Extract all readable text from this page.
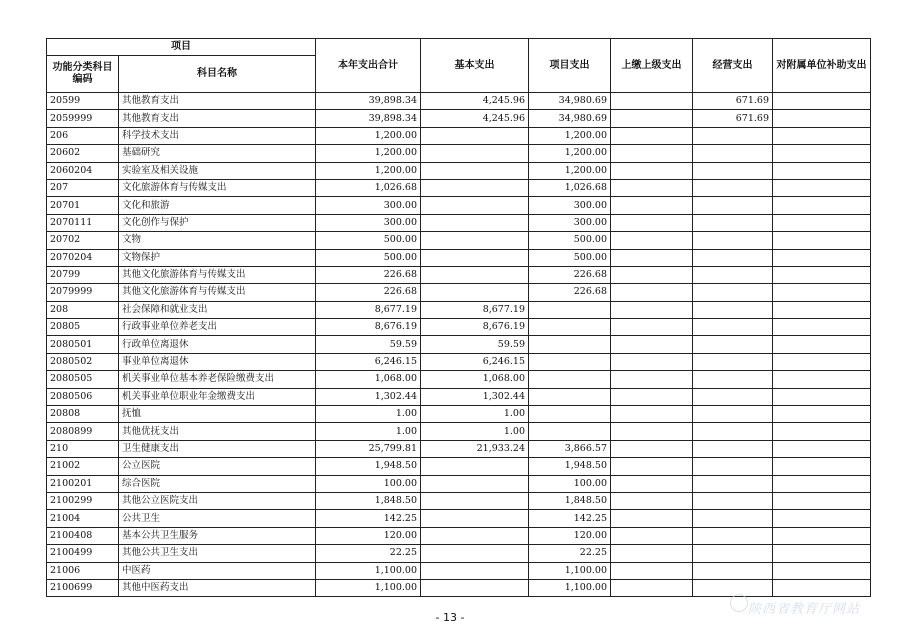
项目		本年支出合计	基本支出	项目支出	上缴上级支出	经营支出	对附属单位补助支出
功能分类科目编码	科目名称						
20599	其他教育支出	39,898.34	4,245.96	34,980.69		671.69	
2059999	其他教育支出	39,898.34	4,245.96	34,980.69		671.69	
206	科学技术支出	1,200.00		1,200.00			
20602	基础研究	1,200.00		1,200.00			
2060204	实验室及相关设施	1,200.00		1,200.00			
207	文化旅游体育与传媒支出	1,026.68		1,026.68			
20701	文化和旅游	300.00		300.00			
2070111	文化创作与保护	300.00		300.00			
20702	文物	500.00		500.00			
2070204	文物保护	500.00		500.00			
20799	其他文化旅游体育与传媒支出	226.68		226.68			
2079999	其他文化旅游体育与传媒支出	226.68		226.68			
208	社会保障和就业支出	8,677.19	8,677.19				
20805	行政事业单位养老支出	8,676.19	8,676.19				
2080501	行政单位离退休	59.59	59.59				
2080502	事业单位离退休	6,246.15	6,246.15				
2080505	机关事业单位基本养老保险缴费支出	1,068.00	1,068.00				
2080506	机关事业单位职业年金缴费支出	1,302.44	1,302.44				
20808	抚恤	1.00	1.00				
2080899	其他优抚支出	1.00	1.00				
210	卫生健康支出	25,799.81	21,933.24	3,866.57			
21002	公立医院	1,948.50		1,948.50			
2100201	综合医院	100.00		100.00			
2100299	其他公立医院支出	1,848.50		1,848.50			
21004	公共卫生	142.25		142.25			
2100408	基本公共卫生服务	120.00		120.00			
2100499	其他公共卫生支出	22.25		22.25			
21006	中医药	1,100.00		1,100.00			
2100699	其他中医药支出	1,100.00		1,100.00			
- 13 -
陕西省教育厅网站
